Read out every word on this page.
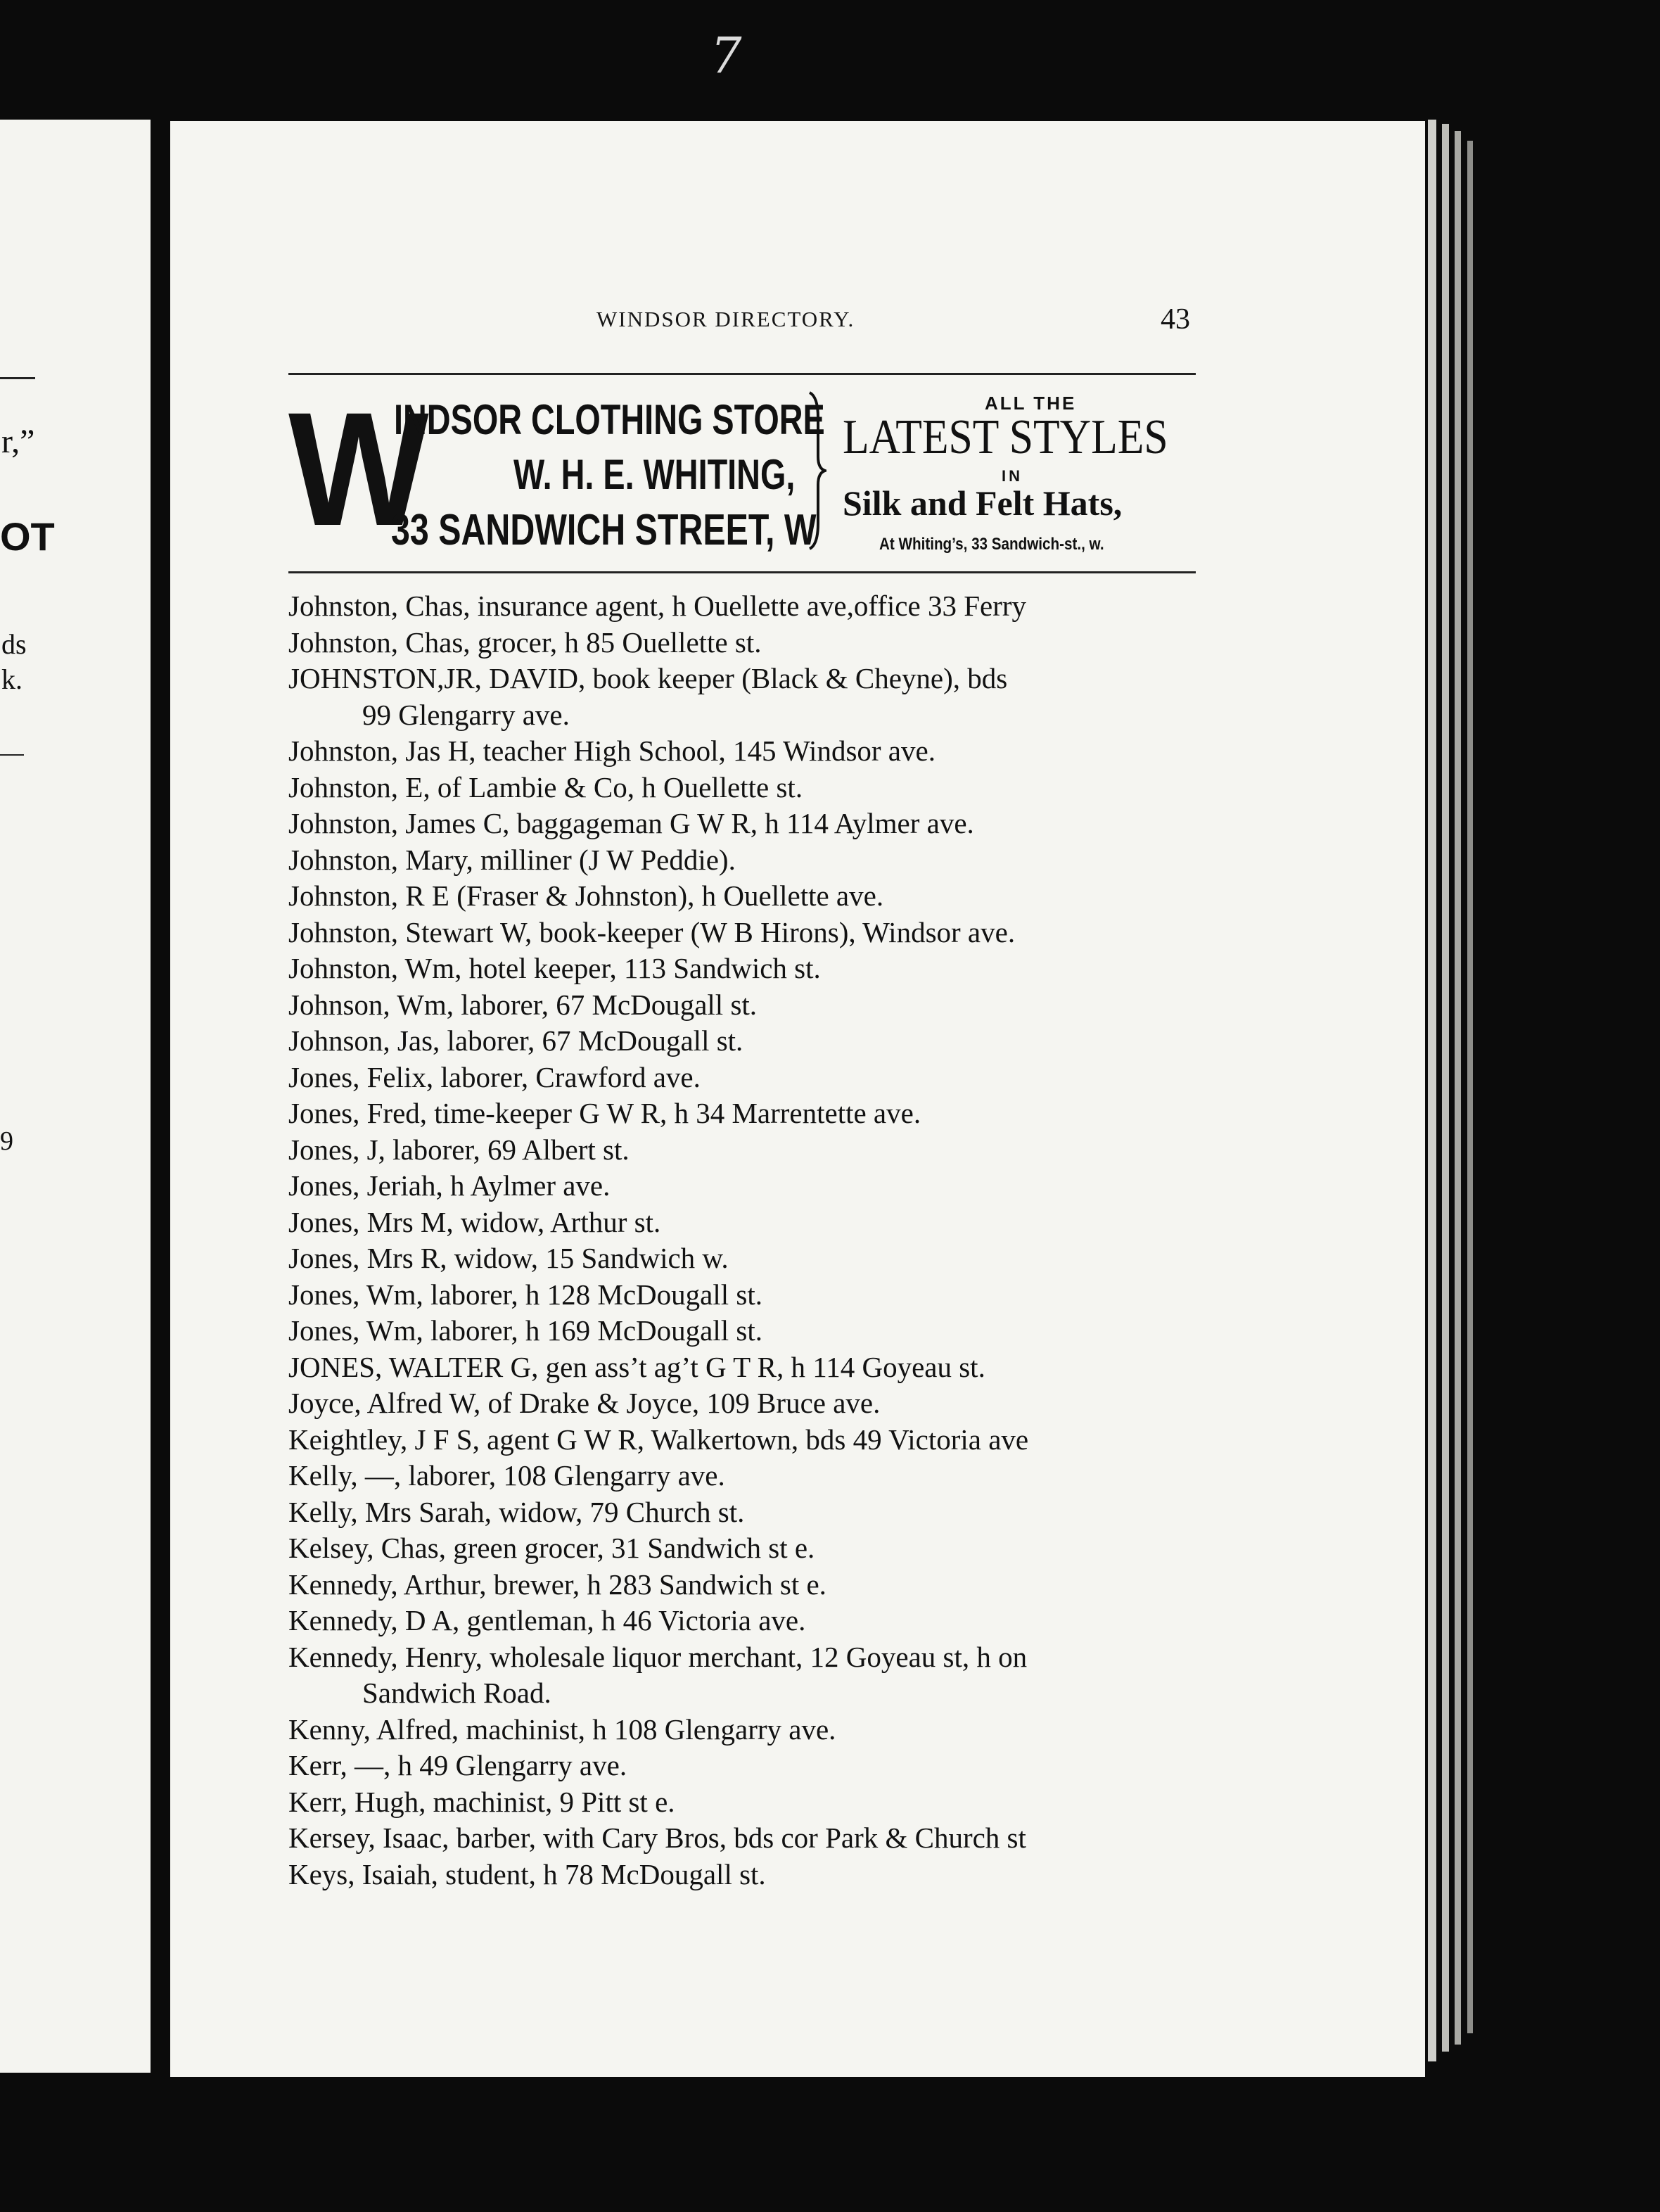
7
r,”
OT
ds
k.
9
WINDSOR DIRECTORY.	43
W
INDSOR CLOTHING STORE
W. H. E. WHITING,
33 SANDWICH STREET, W
ALL THE
LATEST STYLES
IN
Silk and Felt Hats,
At Whiting’s, 33 Sandwich-st., w.
Johnston, Chas, insurance agent, h Ouellette ave,office 33 Ferry
Johnston, Chas, grocer, h 85 Ouellette st.
JOHNSTON,JR, DAVID, book keeper (Black & Cheyne), bds
99 Glengarry ave.
Johnston, Jas H, teacher High School, 145 Windsor ave.
Johnston, E, of Lambie & Co, h Ouellette st.
Johnston, James C, baggageman G W R, h 114 Aylmer ave.
Johnston, Mary, milliner (J W Peddie).
Johnston, R E (Fraser & Johnston), h Ouellette ave.
Johnston, Stewart W, book-keeper (W B Hirons), Windsor ave.
Johnston, Wm, hotel keeper, 113 Sandwich st.
Johnson, Wm, laborer, 67 McDougall st.
Johnson, Jas, laborer, 67 McDougall st.
Jones, Felix, laborer, Crawford ave.
Jones, Fred, time-keeper G W R, h 34 Marrentette ave.
Jones, J, laborer, 69 Albert st.
Jones, Jeriah, h Aylmer ave.
Jones, Mrs M, widow, Arthur st.
Jones, Mrs R, widow, 15 Sandwich w.
Jones, Wm, laborer, h 128 McDougall st.
Jones, Wm, laborer, h 169 McDougall st.
JONES, WALTER G, gen ass’t ag’t G T R, h 114 Goyeau st.
Joyce, Alfred W, of Drake & Joyce, 109 Bruce ave.
Keightley, J F S, agent G W R, Walkertown, bds 49 Victoria ave
Kelly, —, laborer, 108 Glengarry ave.
Kelly, Mrs Sarah, widow, 79 Church st.
Kelsey, Chas, green grocer, 31 Sandwich st e.
Kennedy, Arthur, brewer, h 283 Sandwich st e.
Kennedy, D A, gentleman, h 46 Victoria ave.
Kennedy, Henry, wholesale liquor merchant, 12 Goyeau st, h on
Sandwich Road.
Kenny, Alfred, machinist, h 108 Glengarry ave.
Kerr, —, h 49 Glengarry ave.
Kerr, Hugh, machinist, 9 Pitt st e.
Kersey, Isaac, barber, with Cary Bros, bds cor Park & Church st
Keys, Isaiah, student, h 78 McDougall st.
